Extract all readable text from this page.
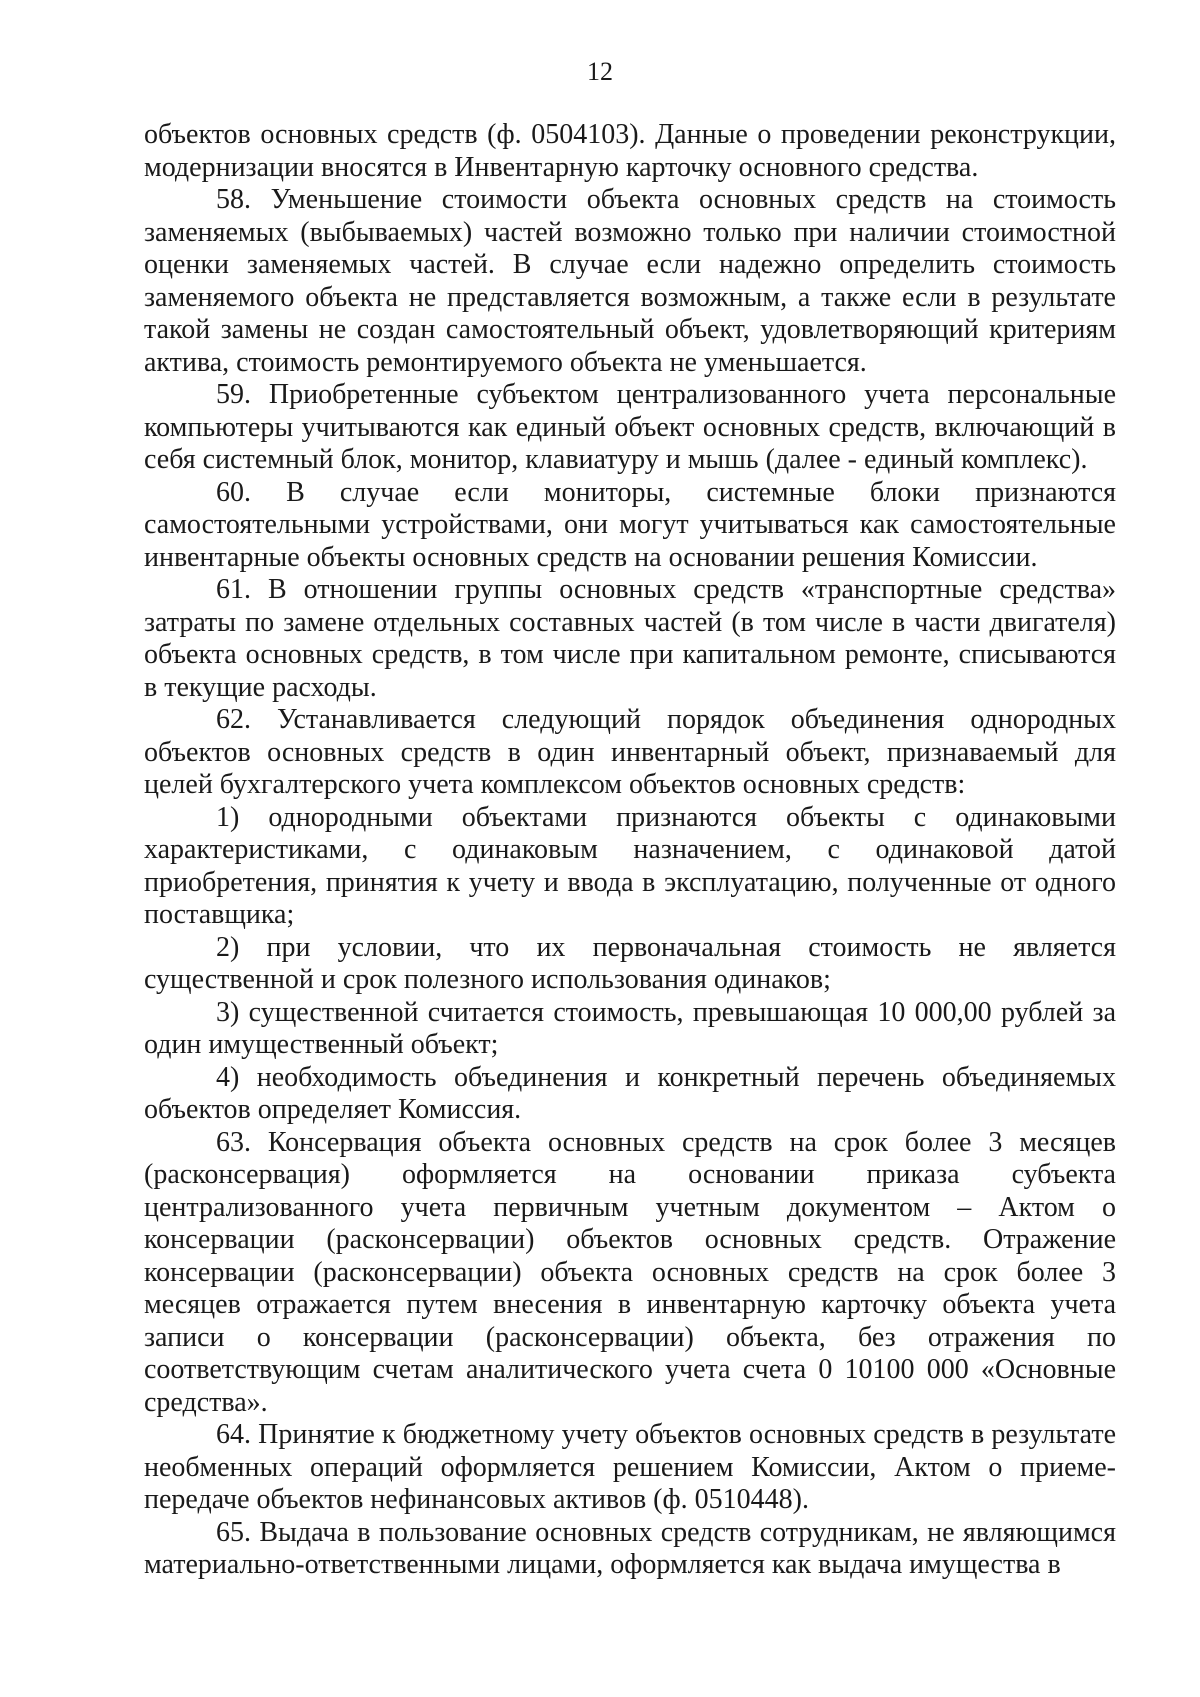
12

объектов основных средств (ф. 0504103). Данные о проведении реконструкции, модернизации вносятся в Инвентарную карточку основного средства.

58. Уменьшение стоимости объекта основных средств на стоимость заменяемых (выбываемых) частей возможно только при наличии стоимостной оценки заменяемых частей. В случае если надежно определить стоимость заменяемого объекта не представляется возможным, а также если в результате такой замены не создан самостоятельный объект, удовлетворяющий критериям актива, стоимость ремонтируемого объекта не уменьшается.

59. Приобретенные субъектом централизованного учета персональные компьютеры учитываются как единый объект основных средств, включающий в себя системный блок, монитор, клавиатуру и мышь (далее - единый комплекс).

60. В случае если мониторы, системные блоки признаются самостоятельными устройствами, они могут учитываться как самостоятельные инвентарные объекты основных средств на основании решения Комиссии.

61. В отношении группы основных средств «транспортные средства» затраты по замене отдельных составных частей (в том числе в части двигателя) объекта основных средств, в том числе при капитальном ремонте, списываются в текущие расходы.

62. Устанавливается следующий порядок объединения однородных объектов основных средств в один инвентарный объект, признаваемый для целей бухгалтерского учета комплексом объектов основных средств:

1) однородными объектами признаются объекты с одинаковыми характеристиками, с одинаковым назначением, с одинаковой датой приобретения, принятия к учету и ввода в эксплуатацию, полученные от одного поставщика;

2) при условии, что их первоначальная стоимость не является существенной и срок полезного использования одинаков;

3) существенной считается стоимость, превышающая 10 000,00 рублей за один имущественный объект;

4) необходимость объединения и конкретный перечень объединяемых объектов определяет Комиссия.

63. Консервация объекта основных средств на срок более 3 месяцев (расконсервация) оформляется на основании приказа субъекта централизованного учета первичным учетным документом – Актом о консервации (расконсервации) объектов основных средств. Отражение консервации (расконсервации) объекта основных средств на срок более 3 месяцев отражается путем внесения в инвентарную карточку объекта учета записи о консервации (расконсервации) объекта, без отражения по соответствующим счетам аналитического учета счета 0 10100 000 «Основные средства».

64. Принятие к бюджетному учету объектов основных средств в результате необменных операций оформляется решением Комиссии, Актом о приеме-передаче объектов нефинансовых активов (ф. 0510448).

65. Выдача в пользование основных средств сотрудникам, не являющимся материально-ответственными лицами, оформляется как выдача имущества в
